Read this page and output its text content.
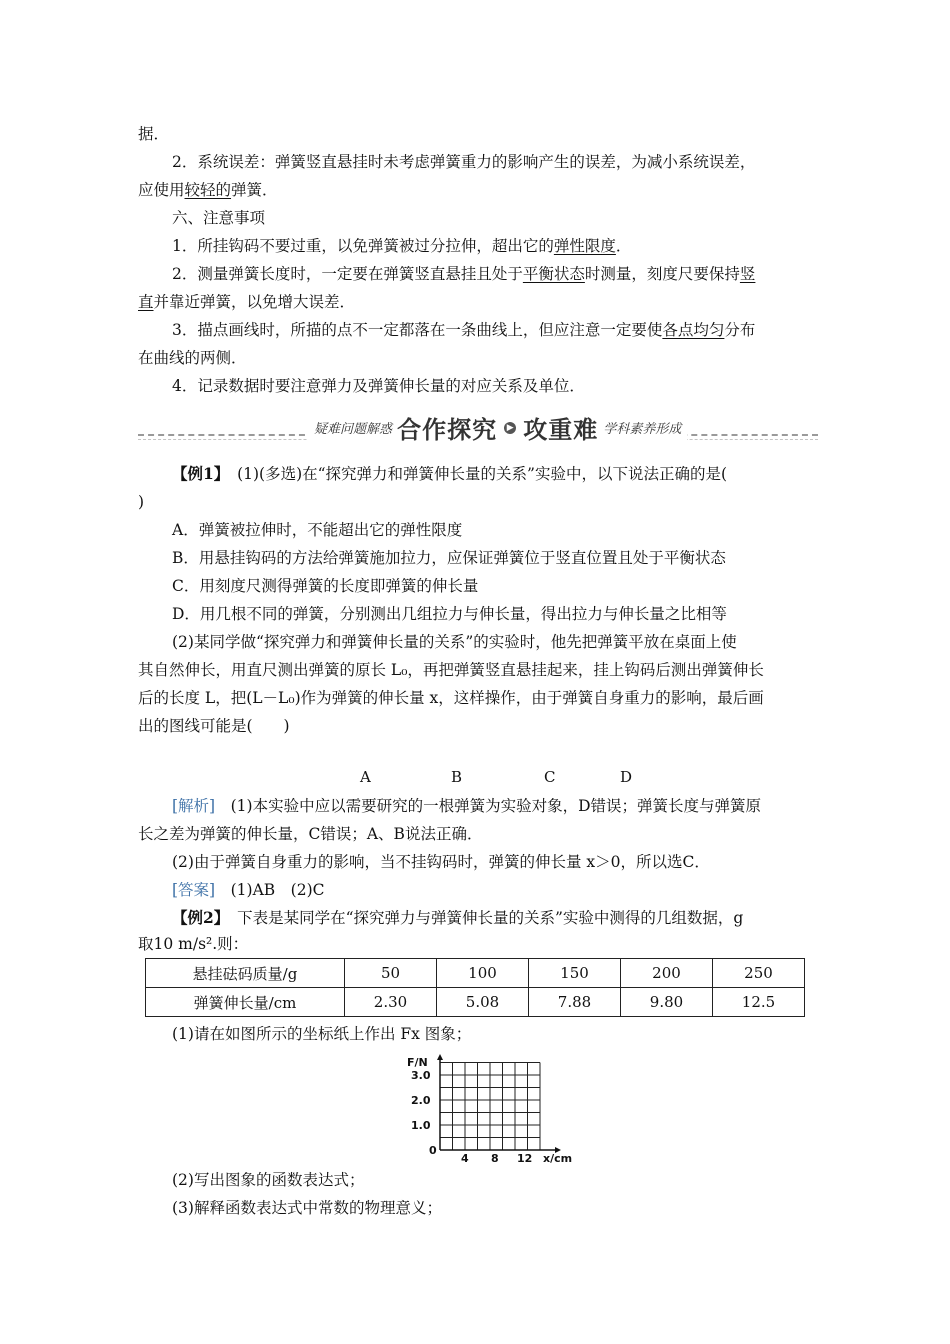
据．
2．系统误差：弹簧竖直悬挂时未考虑弹簧重力的影响产生的误差，为减小系统误差，
应使用较轻的弹簧．
六、注意事项
1．所挂钩码不要过重，以免弹簧被过分拉伸，超出它的弹性限度．
2．测量弹簧长度时，一定要在弹簧竖直悬挂且处于平衡状态时测量，刻度尺要保持竖
直并靠近弹簧，以免增大误差．
3．描点画线时，所描的点不一定都落在一条曲线上，但应注意一定要使各点均匀分布
在曲线的两侧．
4．记录数据时要注意弹力及弹簧伸长量的对应关系及单位．
疑难问题解惑 合作探究 ▶ 攻重难 学科素养形成
【例1】　 (1)(多选)在“探究弹力和弹簧伸长量的关系”实验中，以下说法正确的是(
)
A．弹簧被拉伸时，不能超出它的弹性限度
B．用悬挂钩码的方法给弹簧施加拉力，应保证弹簧位于竖直位置且处于平衡状态
C．用刻度尺测得弹簧的长度即弹簧的伸长量
D．用几根不同的弹簧，分别测出几组拉力与伸长量，得出拉力与伸长量之比相等
(2)某同学做“探究弹力和弹簧伸长量的关系”的实验时，他先把弹簧平放在桌面上使
其自然伸长，用直尺测出弹簧的原长 L₀，再把弹簧竖直悬挂起来，挂上钩码后测出弹簧伸长
后的长度 L，把(L－L₀)作为弹簧的伸长量 x，这样操作，由于弹簧自身重力的影响，最后画
出的图线可能是(　　)
A	B	C	D
[解析]　 (1)本实验中应以需要研究的一根弹簧为实验对象，D错误；弹簧长度与弹簧原
长之差为弹簧的伸长量，C错误；A、B说法正确．
(2)由于弹簧自身重力的影响，当不挂钩码时，弹簧的伸长量 x＞0，所以选C．
[答案]　 (1)AB　(2)C
【例2】　 下表是某同学在“探究弹力与弹簧伸长量的关系”实验中测得的几组数据，g
取10 m/s².则：
悬挂砝码质量/g	50	100	150	200	250
弹簧伸长量/cm	2.30	5.08	7.88	9.80	12.5
(1)请在如图所示的坐标纸上作出 Fx 图象；
F/N
3.0
2.0
1.0
0
4 8 12 x/cm
(2)写出图象的函数表达式；
(3)解释函数表达式中常数的物理意义；
